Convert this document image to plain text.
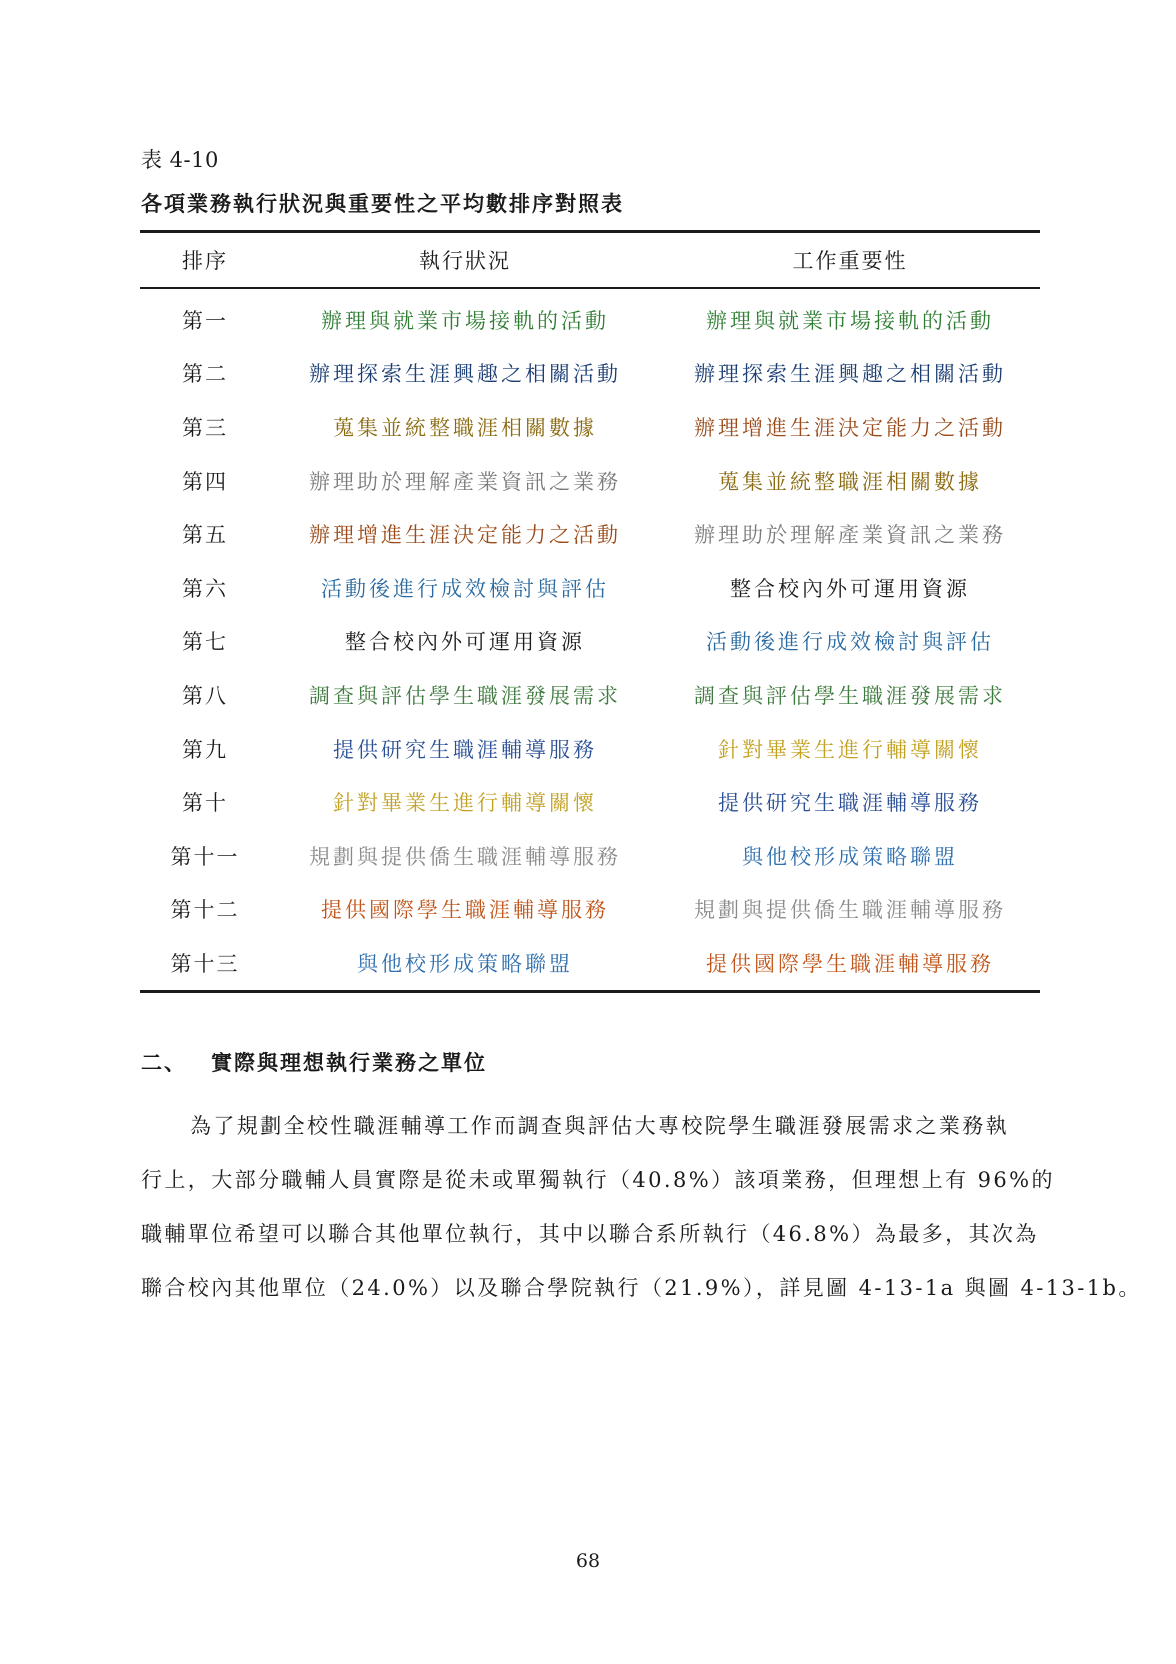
表 4-10
各項業務執行狀況與重要性之平均數排序對照表
排序	執行狀況	工作重要性
第一	辦理與就業市場接軌的活動	辦理與就業市場接軌的活動
第二	辦理探索生涯興趣之相關活動	辦理探索生涯興趣之相關活動
第三	蒐集並統整職涯相關數據	辦理增進生涯決定能力之活動
第四	辦理助於理解產業資訊之業務	蒐集並統整職涯相關數據
第五	辦理增進生涯決定能力之活動	辦理助於理解產業資訊之業務
第六	活動後進行成效檢討與評估	整合校內外可運用資源
第七	整合校內外可運用資源	活動後進行成效檢討與評估
第八	調查與評估學生職涯發展需求	調查與評估學生職涯發展需求
第九	提供研究生職涯輔導服務	針對畢業生進行輔導關懷
第十	針對畢業生進行輔導關懷	提供研究生職涯輔導服務
第十一	規劃與提供僑生職涯輔導服務	與他校形成策略聯盟
第十二	提供國際學生職涯輔導服務	規劃與提供僑生職涯輔導服務
第十三	與他校形成策略聯盟	提供國際學生職涯輔導服務
二、 實際與理想執行業務之單位
為了規劃全校性職涯輔導工作而調查與評估大專校院學生職涯發展需求之業務執
行上，大部分職輔人員實際是從未或單獨執行（40.8%）該項業務，但理想上有 96%的
職輔單位希望可以聯合其他單位執行，其中以聯合系所執行（46.8%）為最多，其次為
聯合校內其他單位（24.0%）以及聯合學院執行（21.9%），詳見圖 4-13-1a 與圖 4-13-1b。
68
